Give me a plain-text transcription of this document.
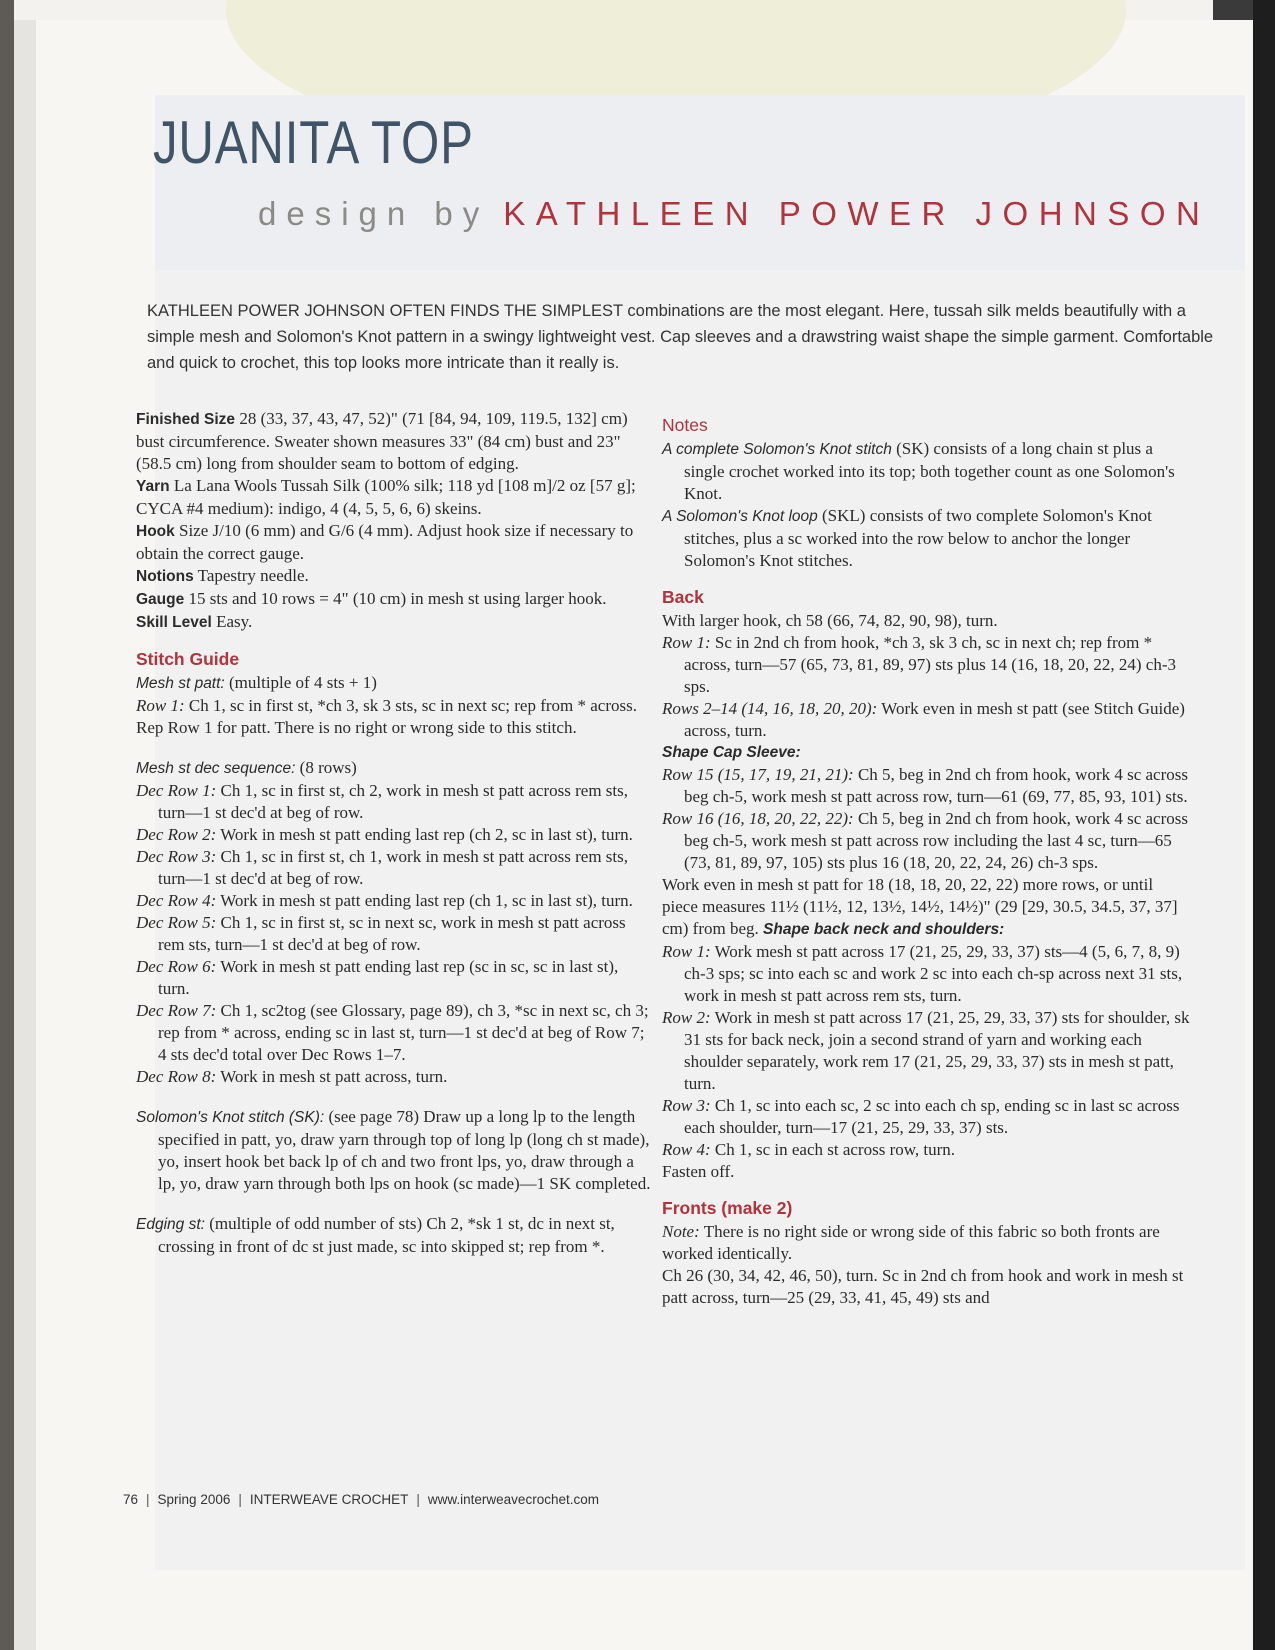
JUANITA TOP
design by KATHLEEN POWER JOHNSON

KATHLEEN POWER JOHNSON OFTEN FINDS THE SIMPLEST combinations are the most elegant. Here, tussah silk melds beautifully with a simple mesh and Solomon's Knot pattern in a swingy lightweight vest. Cap sleeves and a drawstring waist shape the simple garment. Comfortable and quick to crochet, this top looks more intricate than it really is.

Finished Size 28 (33, 37, 43, 47, 52)" (71 [84, 94, 109, 119.5, 132] cm) bust circumference. Sweater shown measures 33" (84 cm) bust and 23" (58.5 cm) long from shoulder seam to bottom of edging.

Yarn La Lana Wools Tussah Silk (100% silk; 118 yd [108 m]/2 oz [57 g]; CYCA #4 medium): indigo, 4 (4, 5, 5, 6, 6) skeins.

Hook Size J/10 (6 mm) and G/6 (4 mm). Adjust hook size if necessary to obtain the correct gauge.

Notions Tapestry needle.

Gauge 15 sts and 10 rows = 4" (10 cm) in mesh st using larger hook.

Skill Level Easy.

Stitch Guide

Mesh st patt: (multiple of 4 sts + 1)

Row 1: Ch 1, sc in first st, *ch 3, sk 3 sts, sc in next sc; rep from * across.

Rep Row 1 for patt. There is no right or wrong side to this stitch.

Mesh st dec sequence: (8 rows)

Dec Row 1: Ch 1, sc in first st, ch 2, work in mesh st patt across rem sts, turn—1 st dec'd at beg of row.

Dec Row 2: Work in mesh st patt ending last rep (ch 2, sc in last st), turn.

Dec Row 3: Ch 1, sc in first st, ch 1, work in mesh st patt across rem sts, turn—1 st dec'd at beg of row.

Dec Row 4: Work in mesh st patt ending last rep (ch 1, sc in last st), turn.

Dec Row 5: Ch 1, sc in first st, sc in next sc, work in mesh st patt across rem sts, turn—1 st dec'd at beg of row.

Dec Row 6: Work in mesh st patt ending last rep (sc in sc, sc in last st), turn.

Dec Row 7: Ch 1, sc2tog (see Glossary, page 89), ch 3, *sc in next sc, ch 3; rep from * across, ending sc in last st, turn—1 st dec'd at beg of Row 7; 4 sts dec'd total over Dec Rows 1–7.

Dec Row 8: Work in mesh st patt across, turn.

Solomon's Knot stitch (SK): (see page 78) Draw up a long lp to the length specified in patt, yo, draw yarn through top of long lp (long ch st made), yo, insert hook bet back lp of ch and two front lps, yo, draw through a lp, yo, draw yarn through both lps on hook (sc made)—1 SK completed.

Edging st: (multiple of odd number of sts) Ch 2, *sk 1 st, dc in next st, crossing in front of dc st just made, sc into skipped st; rep from *.

Notes

A complete Solomon's Knot stitch (SK) consists of a long chain st plus a single crochet worked into its top; both together count as one Solomon's Knot.

A Solomon's Knot loop (SKL) consists of two complete Solomon's Knot stitches, plus a sc worked into the row below to anchor the longer Solomon's Knot stitches.

Back

With larger hook, ch 58 (66, 74, 82, 90, 98), turn.

Row 1: Sc in 2nd ch from hook, *ch 3, sk 3 ch, sc in next ch; rep from * across, turn—57 (65, 73, 81, 89, 97) sts plus 14 (16, 18, 20, 22, 24) ch-3 sps.

Rows 2–14 (14, 16, 18, 20, 20): Work even in mesh st patt (see Stitch Guide) across, turn.

Shape Cap Sleeve:

Row 15 (15, 17, 19, 21, 21): Ch 5, beg in 2nd ch from hook, work 4 sc across beg ch-5, work mesh st patt across row, turn—61 (69, 77, 85, 93, 101) sts.

Row 16 (16, 18, 20, 22, 22): Ch 5, beg in 2nd ch from hook, work 4 sc across beg ch-5, work mesh st patt across row including the last 4 sc, turn—65 (73, 81, 89, 97, 105) sts plus 16 (18, 20, 22, 24, 26) ch-3 sps.

Work even in mesh st patt for 18 (18, 18, 20, 22, 22) more rows, or until piece measures 11½ (11½, 12, 13½, 14½, 14½)" (29 [29, 30.5, 34.5, 37, 37] cm) from beg. Shape back neck and shoulders:

Row 1: Work mesh st patt across 17 (21, 25, 29, 33, 37) sts—4 (5, 6, 7, 8, 9) ch-3 sps; sc into each sc and work 2 sc into each ch-sp across next 31 sts, work in mesh st patt across rem sts, turn.

Row 2: Work in mesh st patt across 17 (21, 25, 29, 33, 37) sts for shoulder, sk 31 sts for back neck, join a second strand of yarn and working each shoulder separately, work rem 17 (21, 25, 29, 33, 37) sts in mesh st patt, turn.

Row 3: Ch 1, sc into each sc, 2 sc into each ch sp, ending sc in last sc across each shoulder, turn—17 (21, 25, 29, 33, 37) sts.

Row 4: Ch 1, sc in each st across row, turn.

Fasten off.

Fronts (make 2)

Note: There is no right side or wrong side of this fabric so both fronts are worked identically.

Ch 26 (30, 34, 42, 46, 50), turn. Sc in 2nd ch from hook and work in mesh st patt across, turn—25 (29, 33, 41, 45, 49) sts and

76 | Spring 2006 | INTERWEAVE CROCHET | www.interweavecrochet.com
